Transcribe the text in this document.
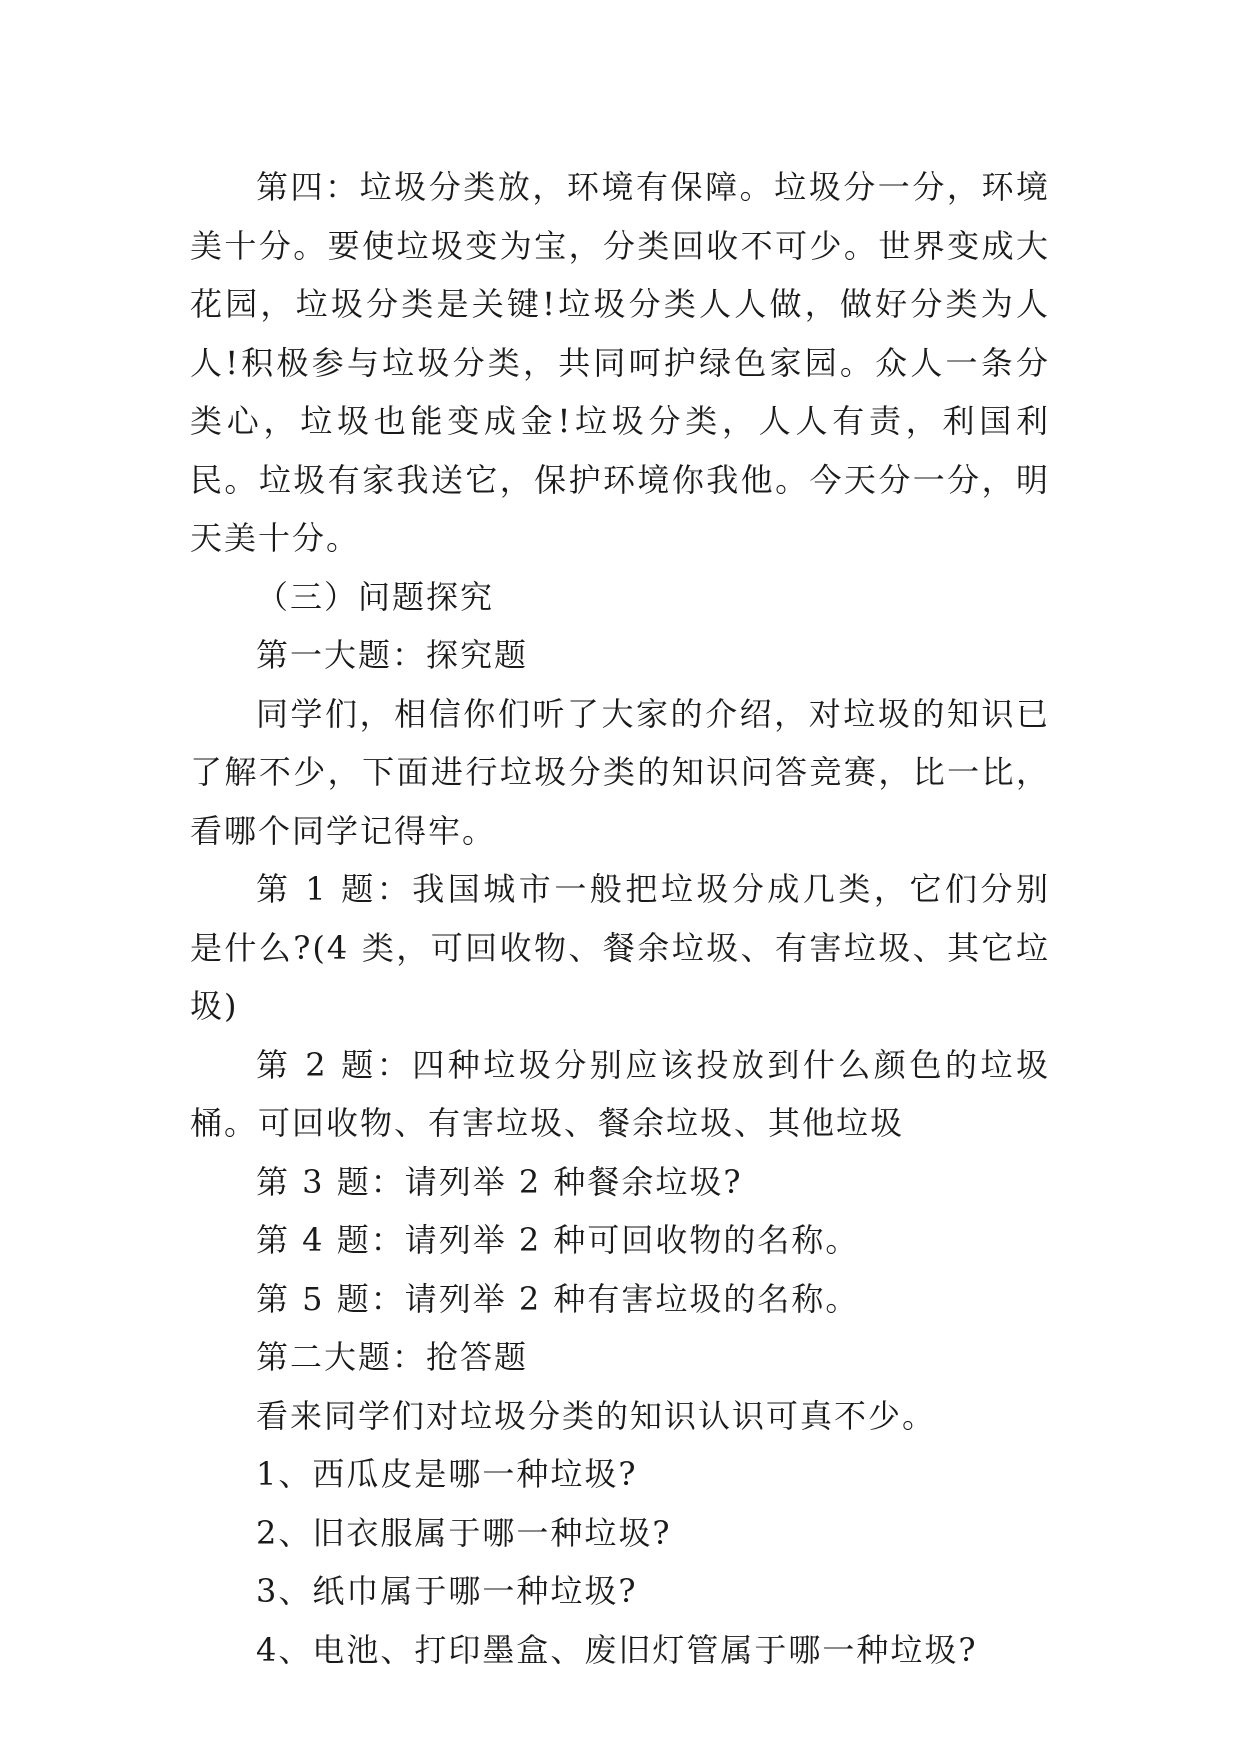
第四：垃圾分类放，环境有保障。垃圾分一分，环境美十分。要使垃圾变为宝，分类回收不可少。世界变成大花园，垃圾分类是关键!垃圾分类人人做，做好分类为人人!积极参与垃圾分类，共同呵护绿色家园。众人一条分类心，垃圾也能变成金!垃圾分类，人人有责，利国利民。垃圾有家我送它，保护环境你我他。今天分一分，明天美十分。

（三）问题探究

第一大题：探究题

同学们，相信你们听了大家的介绍，对垃圾的知识已了解不少，下面进行垃圾分类的知识问答竞赛，比一比，看哪个同学记得牢。

第 1 题：我国城市一般把垃圾分成几类，它们分别是什么?(4 类，可回收物、餐余垃圾、有害垃圾、其它垃圾)

第 2 题：四种垃圾分别应该投放到什么颜色的垃圾桶。可回收物、有害垃圾、餐余垃圾、其他垃圾

第 3 题：请列举 2 种餐余垃圾?

第 4 题：请列举 2 种可回收物的名称。

第 5 题：请列举 2 种有害垃圾的名称。

第二大题：抢答题

看来同学们对垃圾分类的知识认识可真不少。

1、西瓜皮是哪一种垃圾?

2、旧衣服属于哪一种垃圾?

3、纸巾属于哪一种垃圾?

4、电池、打印墨盒、废旧灯管属于哪一种垃圾?
